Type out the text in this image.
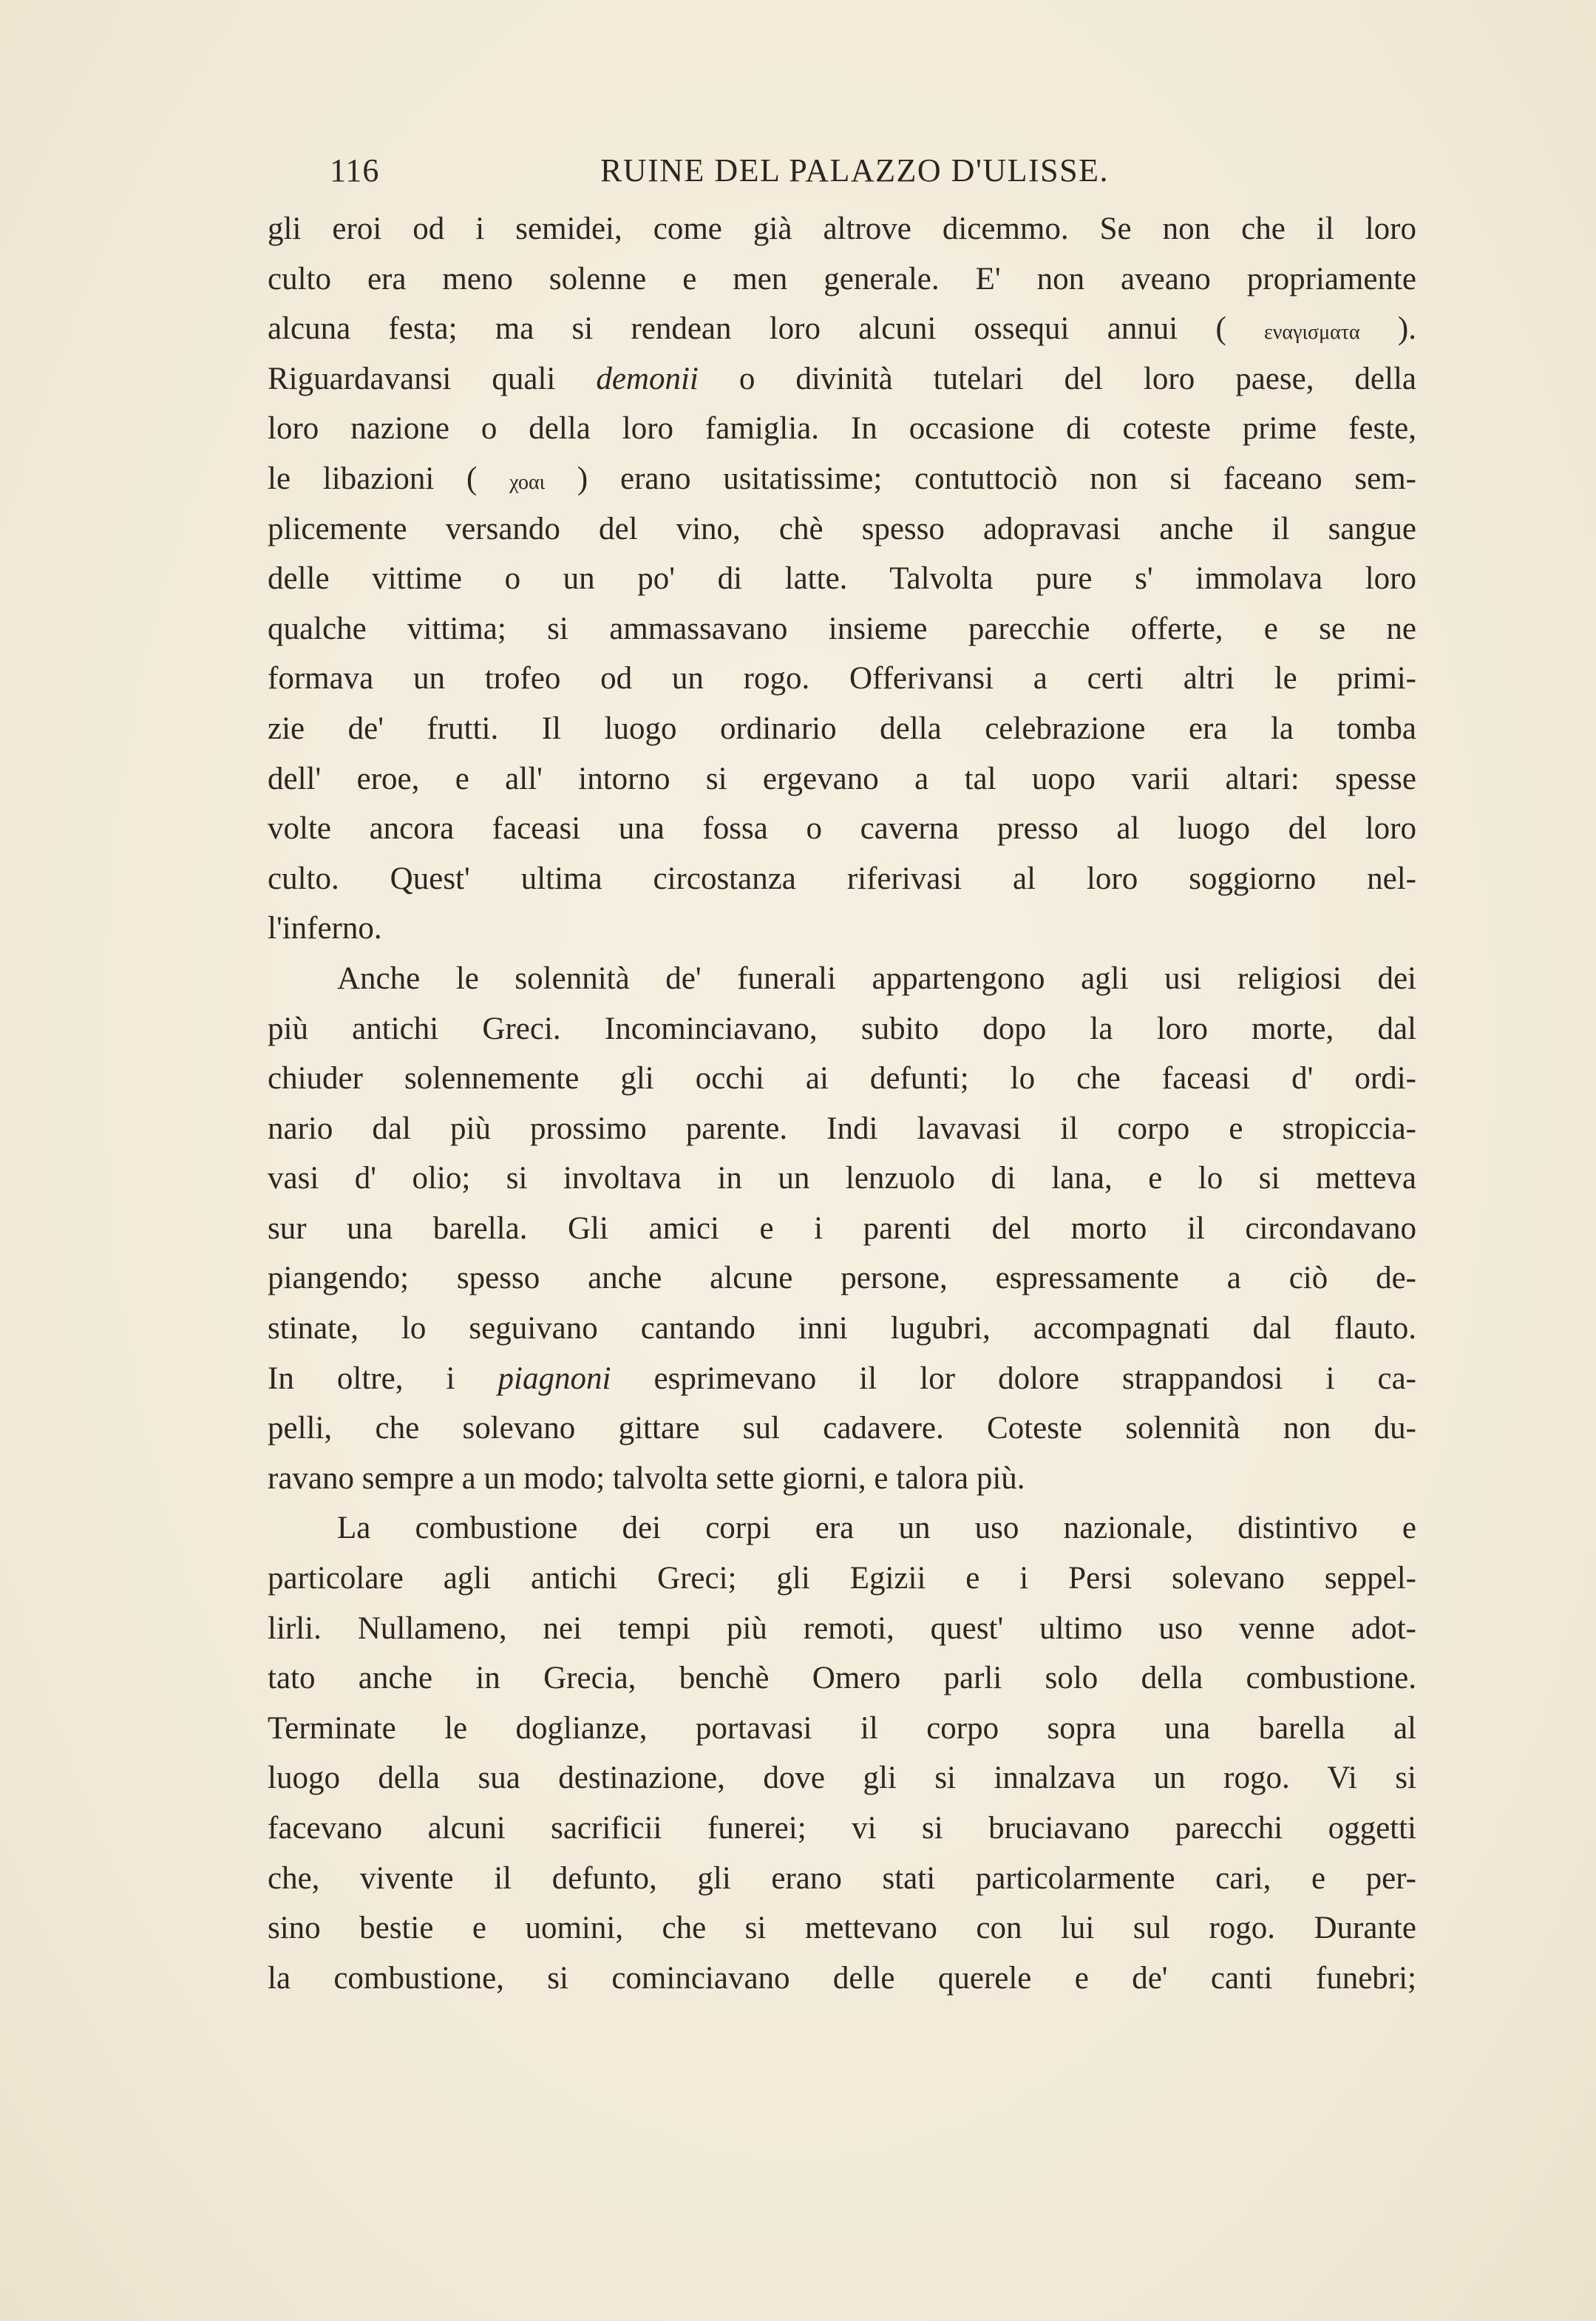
116	RUINE DEL PALAZZO D'ULISSE.
gli eroi od i semidei, come già altrove dicemmo. Se non che il loro
culto era meno solenne e men generale. E' non aveano propriamente
alcuna festa; ma si rendean loro alcuni ossequi annui ( εναγισματα ).
Riguardavansi quali demonii o divinità tutelari del loro paese, della
loro nazione o della loro famiglia. In occasione di coteste prime feste,
le libazioni ( χοαι ) erano usitatissime; contuttociò non si faceano sem-
plicemente versando del vino, chè spesso adopravasi anche il sangue
delle vittime o un po' di latte. Talvolta pure s' immolava loro
qualche vittima; si ammassavano insieme parecchie offerte, e se ne
formava un trofeo od un rogo. Offerivansi a certi altri le primi-
zie de' frutti. Il luogo ordinario della celebrazione era la tomba
dell' eroe, e all' intorno si ergevano a tal uopo varii altari: spesse
volte ancora faceasi una fossa o caverna presso al luogo del loro
culto. Quest' ultima circostanza riferivasi al loro soggiorno nel-
l'inferno.
Anche le solennità de' funerali appartengono agli usi religiosi dei
più antichi Greci. Incominciavano, subito dopo la loro morte, dal
chiuder solennemente gli occhi ai defunti; lo che faceasi d' ordi-
nario dal più prossimo parente. Indi lavavasi il corpo e stropiccia-
vasi d' olio; si involtava in un lenzuolo di lana, e lo si metteva
sur una barella. Gli amici e i parenti del morto il circondavano
piangendo; spesso anche alcune persone, espressamente a ciò de-
stinate, lo seguivano cantando inni lugubri, accompagnati dal flauto.
In oltre, i piagnoni esprimevano il lor dolore strappandosi i ca-
pelli, che solevano gittare sul cadavere. Coteste solennità non du-
ravano sempre a un modo; talvolta sette giorni, e talora più.
La combustione dei corpi era un uso nazionale, distintivo e
particolare agli antichi Greci; gli Egizii e i Persi solevano seppel-
lirli. Nullameno, nei tempi più remoti, quest' ultimo uso venne adot-
tato anche in Grecia, benchè Omero parli solo della combustione.
Terminate le doglianze, portavasi il corpo sopra una barella al
luogo della sua destinazione, dove gli si innalzava un rogo. Vi si
facevano alcuni sacrificii funerei; vi si bruciavano parecchi oggetti
che, vivente il defunto, gli erano stati particolarmente cari, e per-
sino bestie e uomini, che si mettevano con lui sul rogo. Durante
la combustione, si cominciavano delle querele e de' canti funebri;
